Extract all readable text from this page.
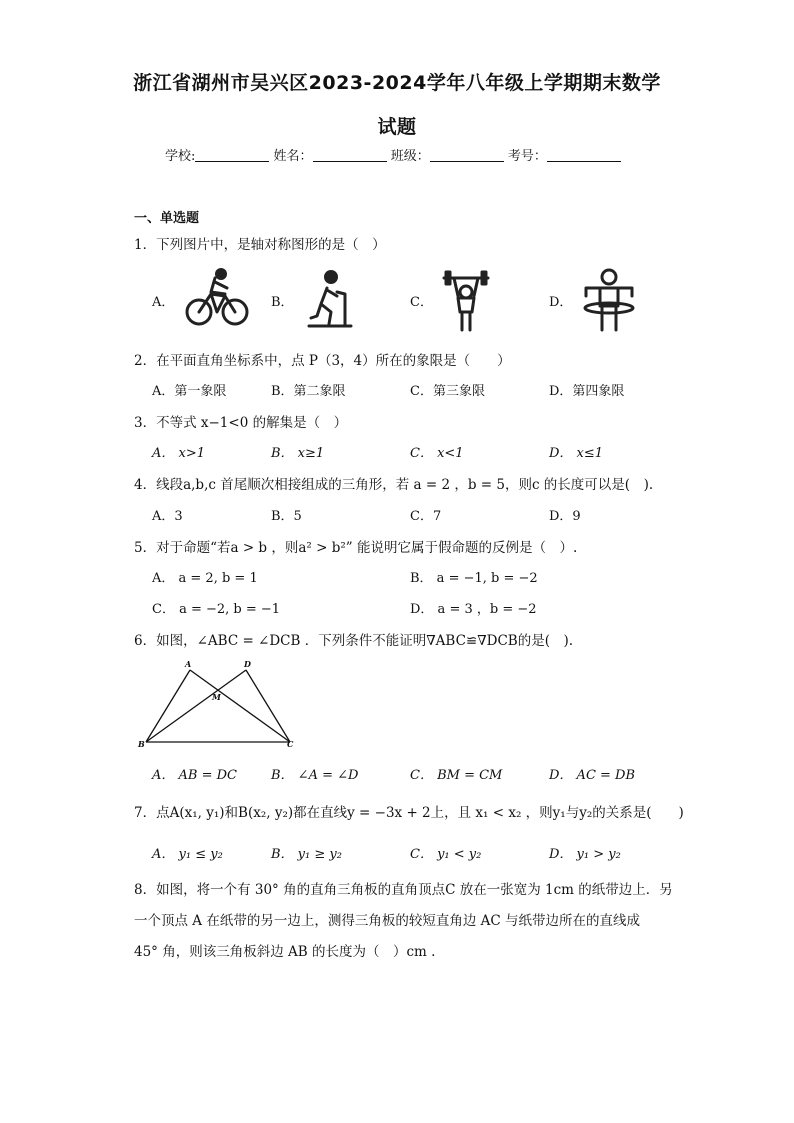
浙江省湖州市吴兴区2023-2024学年八年级上学期期末数学
试题
学校:	姓名：	班级：	考号：
一、单选题
1．下列图片中，是轴对称图形的是（　）
A．	B．	C．	D．
2．在平面直角坐标系中，点 P（3，4）所在的象限是（　　）
A．第一象限	B．第二象限	C．第三象限	D．第四象限
3．不等式 x−1<0 的解集是（　）
A． x>1	B． x≥1	C． x<1	D． x≤1
4．线段a,b,c 首尾顺次相接组成的三角形，若 a = 2 ，b = 5，则c 的长度可以是(　).
A．3	B．5	C．7	D．9
5．对于命题“若a > b ，则a² > b²” 能说明它属于假命题的反例是（　）.
A． a = 2, b = 1	B． a = −1, b = −2
C． a = −2, b = −1	D． a = 3 ，b = −2
6．如图，∠ABC = ∠DCB ．下列条件不能证明∇ABC≌∇DCB的是(　).
A	D
M
B	C
A． AB = DC	B． ∠A = ∠D	C． BM = CM	D． AC = DB
7．点A(x₁, y₁)和B(x₂, y₂)都在直线y = −3x + 2上，且 x₁ < x₂ ，则y₁与y₂的关系是(　　)
A． y₁ ≤ y₂	B． y₁ ≥ y₂	C． y₁ < y₂	D． y₁ > y₂
8．如图，将一个有 30° 角的直角三角板的直角顶点C 放在一张宽为 1cm 的纸带边上．另
一个顶点 A 在纸带的另一边上，测得三角板的较短直角边 AC 与纸带边所在的直线成
45° 角，则该三角板斜边 AB 的长度为（　）cm .
